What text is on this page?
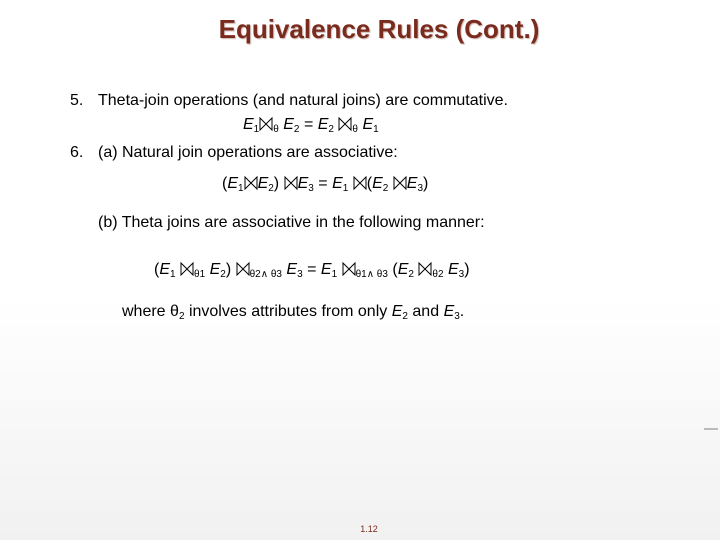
Equivalence Rules (Cont.)
5. Theta-join operations (and natural joins) are commutative.
$E_1$ $_\theta$ $E_2 = E_2$ $_\theta$ $E_1$
6. (a) Natural join operations are associative:
($E_1$ $E_2$) $E_3 = E_1$ ($E_2$ $E_3$)
(b) Theta joins are associative in the following manner:
($E_1$ $_{\theta 1}$ $E_2$) $_{\theta 2\wedge \theta 3}$ $E_3 = E_1$ $_{\theta 1\wedge \theta 3}$ ($E_2$ $_{\theta 2}$ $E_3$)
where $\theta_2$ involves attributes from only $E_2$ and $E_3$.
1.12
